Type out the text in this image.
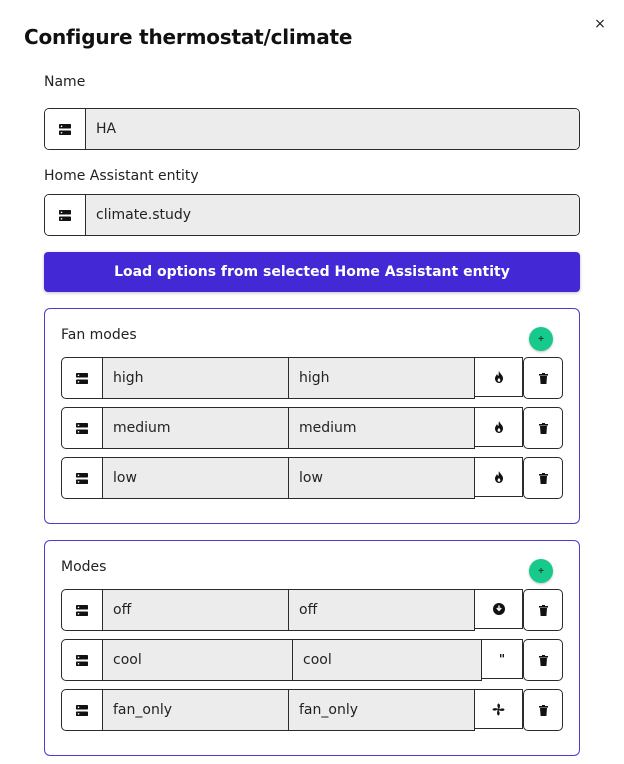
×
Configure thermostat/climate
Name
HA
Home Assistant entity
climate.study
Load options from selected Home Assistant entity
Fan modes	+
high	high
medium	medium
low	low
Modes	+
off	off
cool	cool	"
fan_only	fan_only
